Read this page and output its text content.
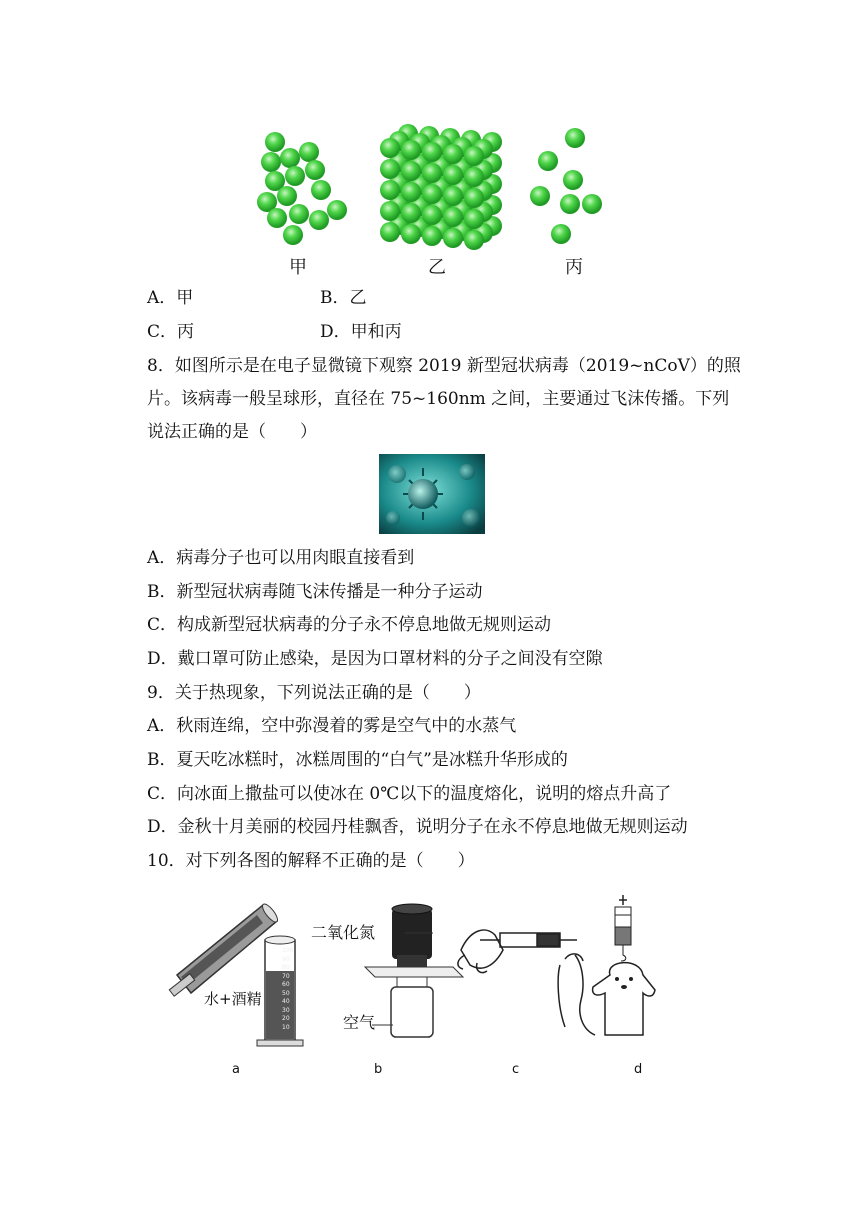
甲	乙	丙
A．甲	B．乙
C．丙	D．甲和丙
8．如图所示是在电子显微镜下观察 2019 新型冠状病毒（2019~nCoV）的照
片。该病毒一般呈球形，直径在 75~160nm 之间，主要通过飞沫传播。下列
说法正确的是（　　）
A．病毒分子也可以用肉眼直接看到
B．新型冠状病毒随飞沫传播是一种分子运动
C．构成新型冠状病毒的分子永不停息地做无规则运动
D．戴口罩可防止感染，是因为口罩材料的分子之间没有空隙
9．关于热现象，下列说法正确的是（　　）
A．秋雨连绵，空中弥漫着的雾是空气中的水蒸气
B．夏天吃冰糕时，冰糕周围的“白气”是冰糕升华形成的
C．向冰面上撒盐可以使冰在 0℃以下的温度熔化，说明的熔点升高了
D．金秋十月美丽的校园丹桂飘香，说明分子在永不停息地做无规则运动
10．对下列各图的解释不正确的是（　　）
100
90
80
70
60
50
40
30
20
10
水+酒精
二氧化氮
空气
a	b	c	d
